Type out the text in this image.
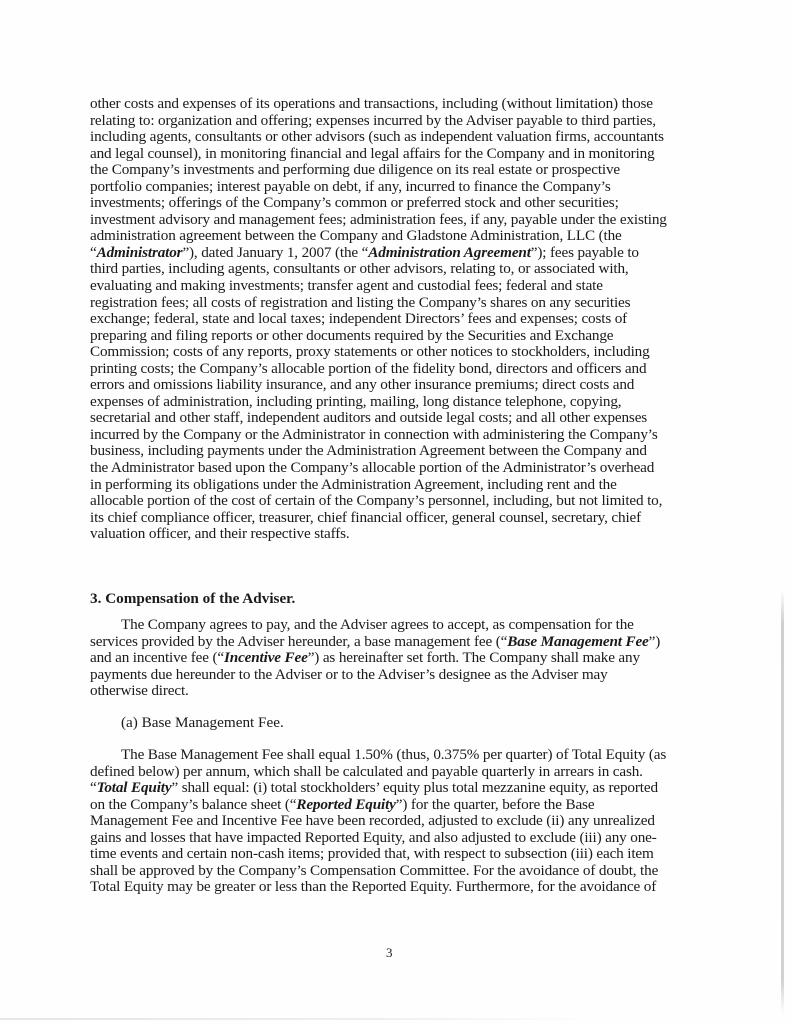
other costs and expenses of its operations and transactions, including (without limitation) those
relating to: organization and offering; expenses incurred by the Adviser payable to third parties,
including agents, consultants or other advisors (such as independent valuation firms, accountants
and legal counsel), in monitoring financial and legal affairs for the Company and in monitoring
the Company’s investments and performing due diligence on its real estate or prospective
portfolio companies; interest payable on debt, if any, incurred to finance the Company’s
investments; offerings of the Company’s common or preferred stock and other securities;
investment advisory and management fees; administration fees, if any, payable under the existing
administration agreement between the Company and Gladstone Administration, LLC (the
“Administrator”), dated January 1, 2007 (the “Administration Agreement”); fees payable to
third parties, including agents, consultants or other advisors, relating to, or associated with,
evaluating and making investments; transfer agent and custodial fees; federal and state
registration fees; all costs of registration and listing the Company’s shares on any securities
exchange; federal, state and local taxes; independent Directors’ fees and expenses; costs of
preparing and filing reports or other documents required by the Securities and Exchange
Commission; costs of any reports, proxy statements or other notices to stockholders, including
printing costs; the Company’s allocable portion of the fidelity bond, directors and officers and
errors and omissions liability insurance, and any other insurance premiums; direct costs and
expenses of administration, including printing, mailing, long distance telephone, copying,
secretarial and other staff, independent auditors and outside legal costs; and all other expenses
incurred by the Company or the Administrator in connection with administering the Company’s
business, including payments under the Administration Agreement between the Company and
the Administrator based upon the Company’s allocable portion of the Administrator’s overhead
in performing its obligations under the Administration Agreement, including rent and the
allocable portion of the cost of certain of the Company’s personnel, including, but not limited to,
its chief compliance officer, treasurer, chief financial officer, general counsel, secretary, chief
valuation officer, and their respective staffs.
3. Compensation of the Adviser.
The Company agrees to pay, and the Adviser agrees to accept, as compensation for the
services provided by the Adviser hereunder, a base management fee (“Base Management Fee”)
and an incentive fee (“Incentive Fee”) as hereinafter set forth. The Company shall make any
payments due hereunder to the Adviser or to the Adviser’s designee as the Adviser may
otherwise direct.
(a) Base Management Fee.
The Base Management Fee shall equal 1.50% (thus, 0.375% per quarter) of Total Equity (as
defined below) per annum, which shall be calculated and payable quarterly in arrears in cash.
“Total Equity” shall equal: (i) total stockholders’ equity plus total mezzanine equity, as reported
on the Company’s balance sheet (“Reported Equity”) for the quarter, before the Base
Management Fee and Incentive Fee have been recorded, adjusted to exclude (ii) any unrealized
gains and losses that have impacted Reported Equity, and also adjusted to exclude (iii) any one-
time events and certain non-cash items; provided that, with respect to subsection (iii) each item
shall be approved by the Company’s Compensation Committee. For the avoidance of doubt, the
Total Equity may be greater or less than the Reported Equity. Furthermore, for the avoidance of
3
